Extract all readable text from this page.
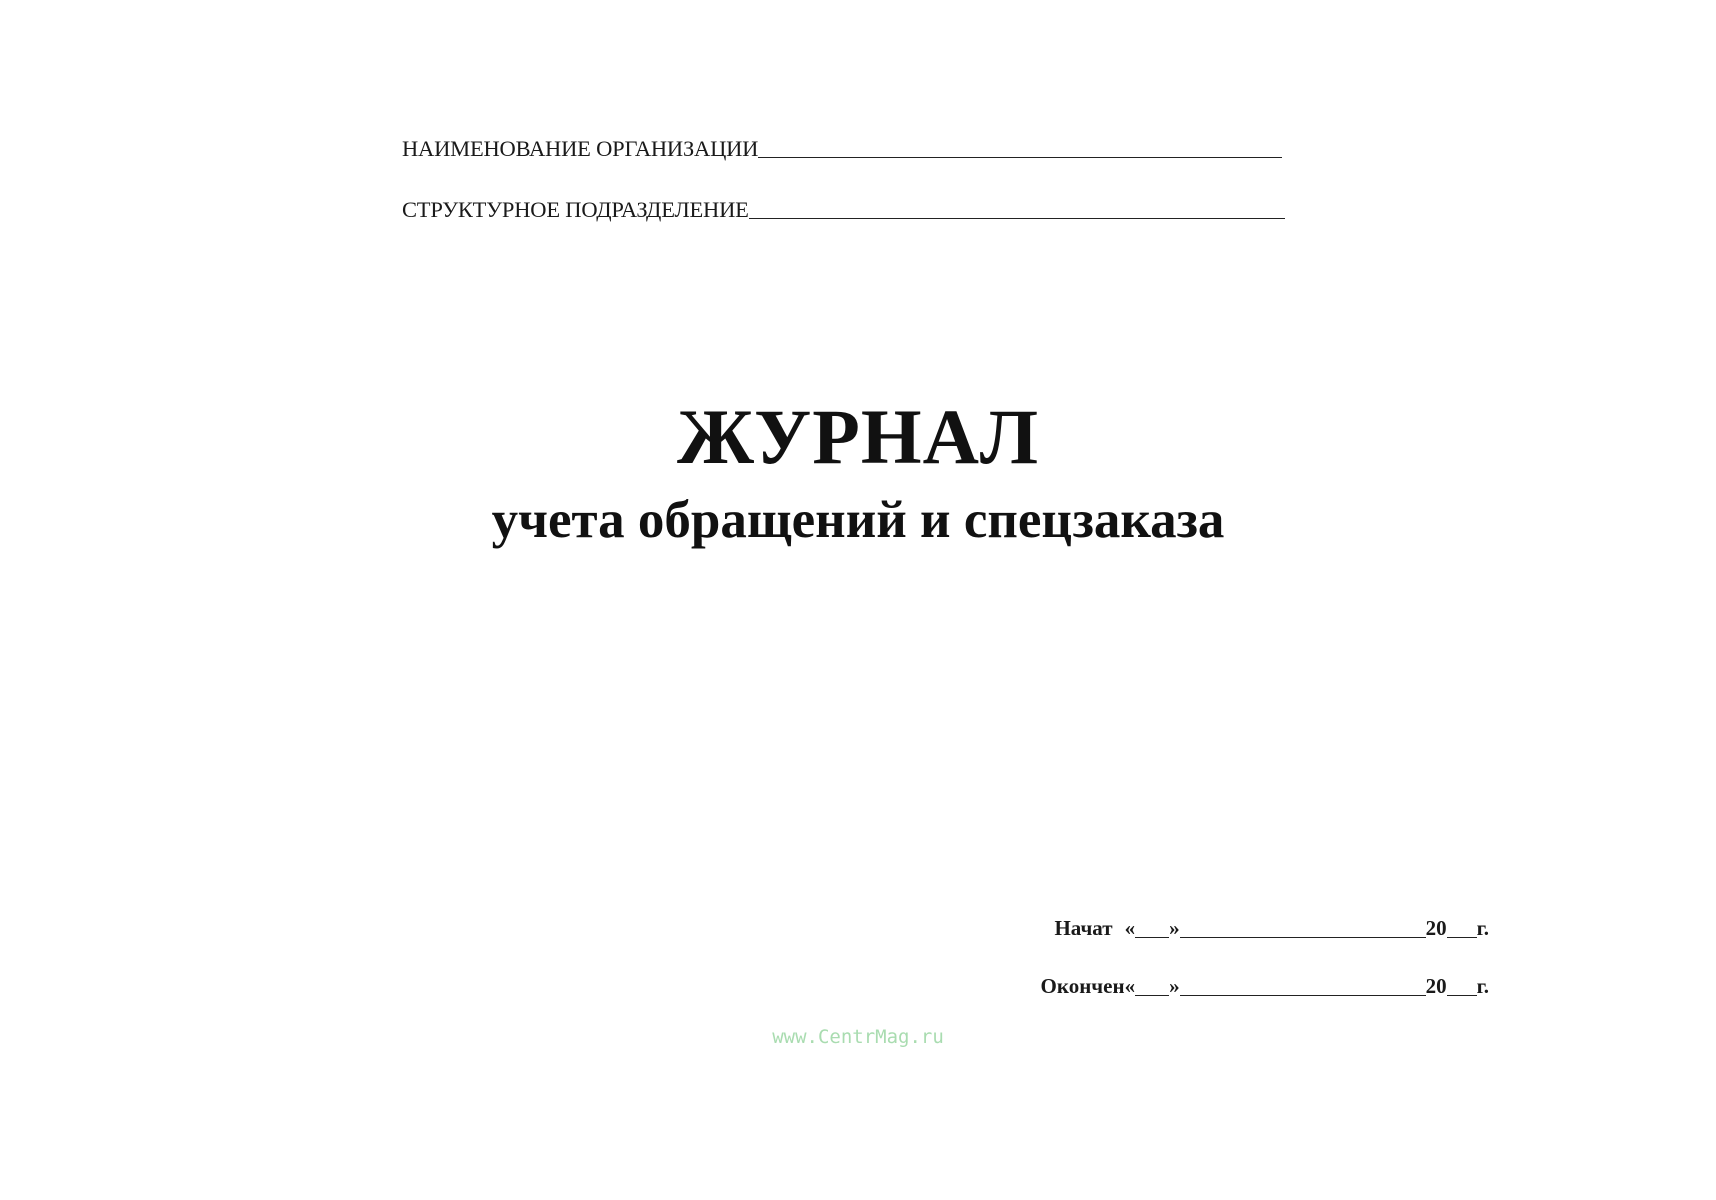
НАИМЕНОВАНИЕ ОРГАНИЗАЦИИ
СТРУКТУРНОЕ ПОДРАЗДЕЛЕНИЕ
ЖУРНАЛ
учета обращений и спецзаказа
Начат « »	20 г.
Окончен « »	20 г.
www.CentrMag.ru
